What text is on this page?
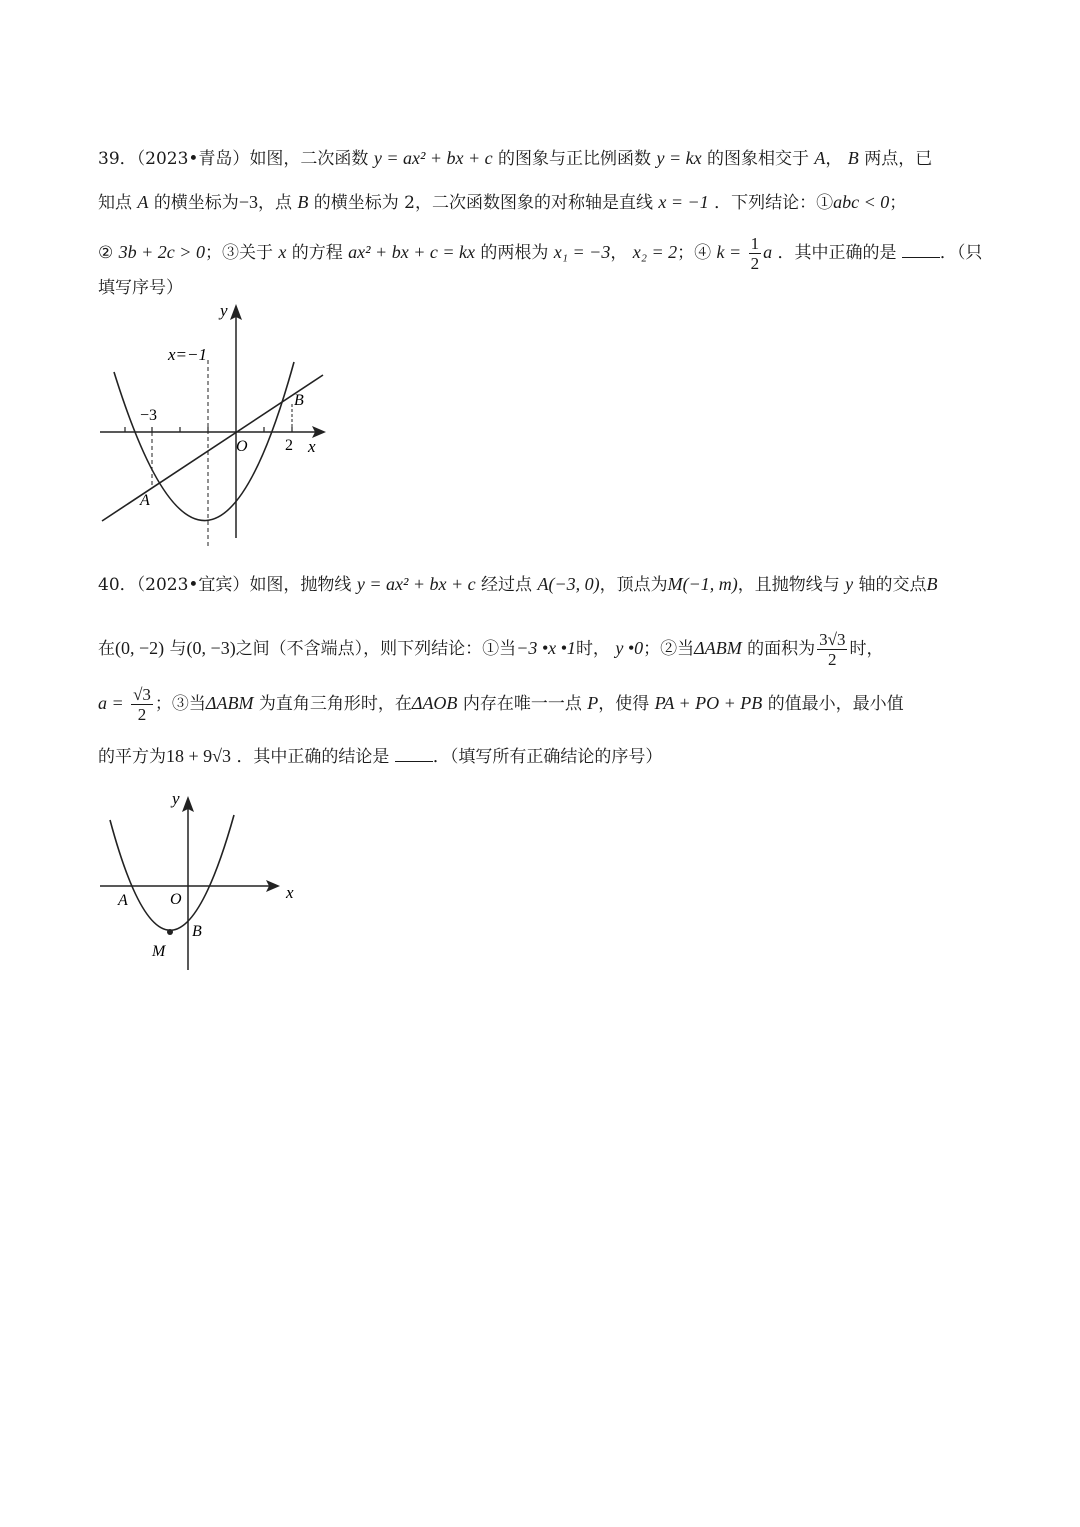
39．（2023•青岛）如图，二次函数 y = ax² + bx + c 的图象与正比例函数 y = kx 的图象相交于 A， B 两点，已
知点 A 的横坐标为−3，点 B 的横坐标为 2，二次函数图象的对称轴是直线 x = −1 ．下列结论：①abc < 0；
② 3b + 2c > 0；③关于 x 的方程 ax² + bx + c = kx 的两根为 x₁ = −3， x₂ = 2；④ $k = \frac{1}{2}$ a ．其中正确的是	．（只
填写序号）
y
x
x=−1
−3
2
O
A
B
40．（2023•宜宾）如图，抛物线 y = ax² + bx + c 经过点 A(−3, 0)，顶点为M(−1, m)，且抛物线与 y 轴的交点B
在(0, −2) 与(0, −3)之间（不含端点），则下列结论：①当−3 •x •1时， y •0；②当ΔABM 的面积为 $\frac{3√3}{2}$ 时，
$a = \frac{√3}{2}$ ；③当ΔABM 为直角三角形时，在ΔAOB 内存在唯一一点 P，使得 PA + PO + PB 的值最小，最小值
的平方为18 + 9√3 ．其中正确的结论是	．（填写所有正确结论的序号）
y
x
O
A
B
M
